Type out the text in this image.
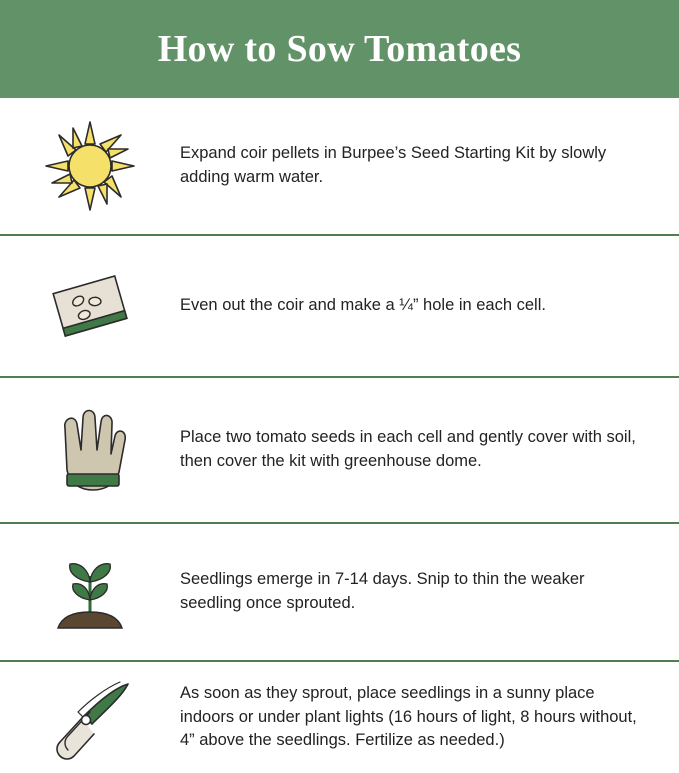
How to Sow Tomatoes
Expand coir pellets in Burpee’s Seed Starting Kit by slowly adding warm water.
Even out the coir and make a ¼” hole in each cell.
Place two tomato seeds in each cell and gently cover with soil, then cover the kit with greenhouse dome.
Seedlings emerge in 7-14 days. Snip to thin the weaker seedling once sprouted.
As soon as they sprout, place seedlings in a sunny place indoors or under plant lights (16 hours of light, 8 hours without, 4” above the seedlings. Fertilize as needed.)
